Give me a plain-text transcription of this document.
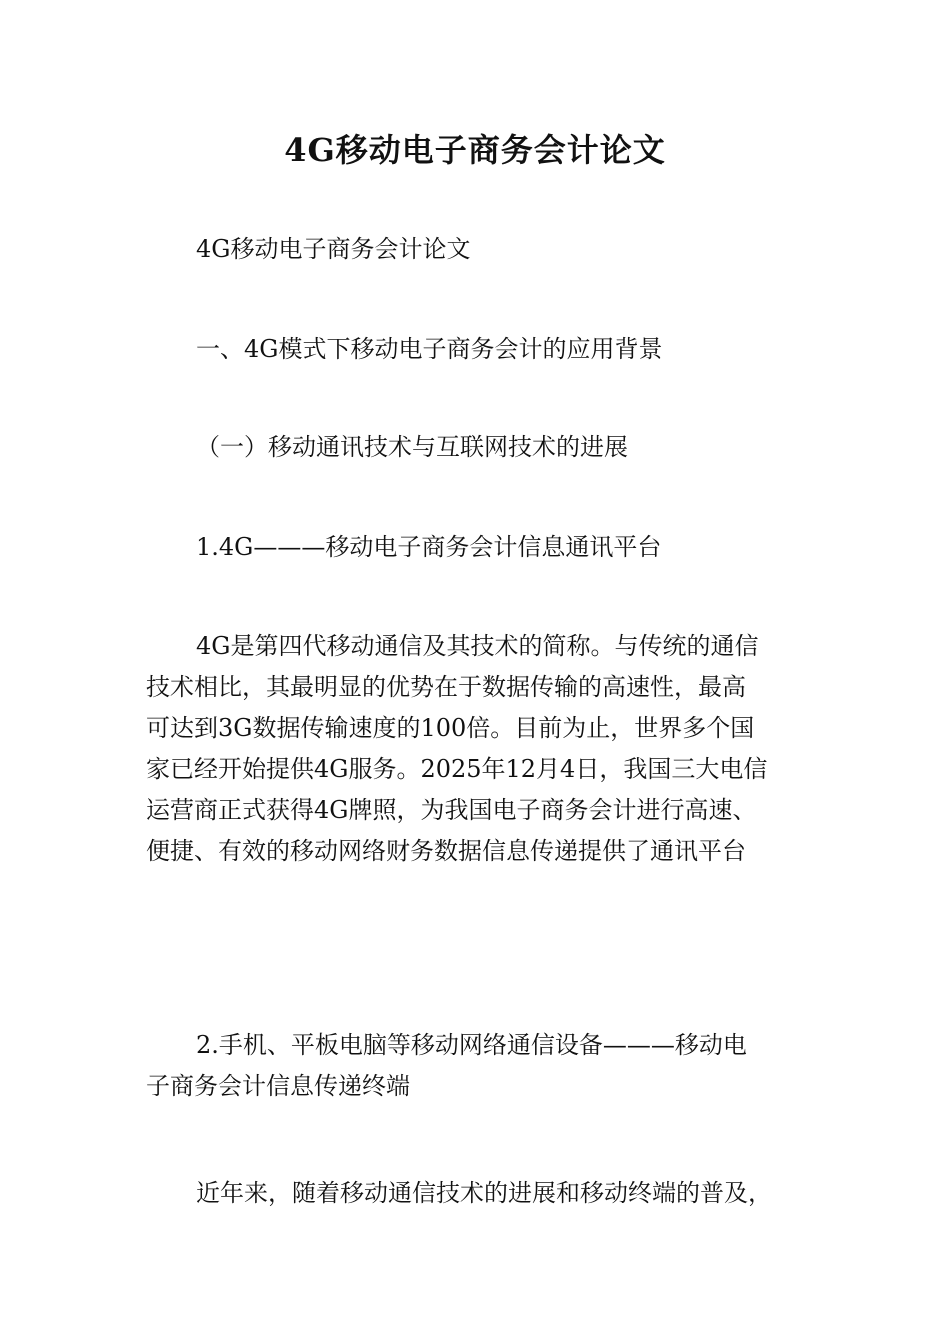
4G移动电子商务会计论文

4G移动电子商务会计论文

一、4G模式下移动电子商务会计的应用背景

（一）移动通讯技术与互联网技术的进展

1.4G———移动电子商务会计信息通讯平台

4G是第四代移动通信及其技术的简称。与传统的通信
技术相比，其最明显的优势在于数据传输的高速性，最高
可达到3G数据传输速度的100倍。目前为止，世界多个国
家已经开始提供4G服务。2025年12月4日，我国三大电信
运营商正式获得4G牌照，为我国电子商务会计进行高速、
便捷、有效的移动网络财务数据信息传递提供了通讯平台

2.手机、平板电脑等移动网络通信设备———移动电
子商务会计信息传递终端

近年来，随着移动通信技术的进展和移动终端的普及，
